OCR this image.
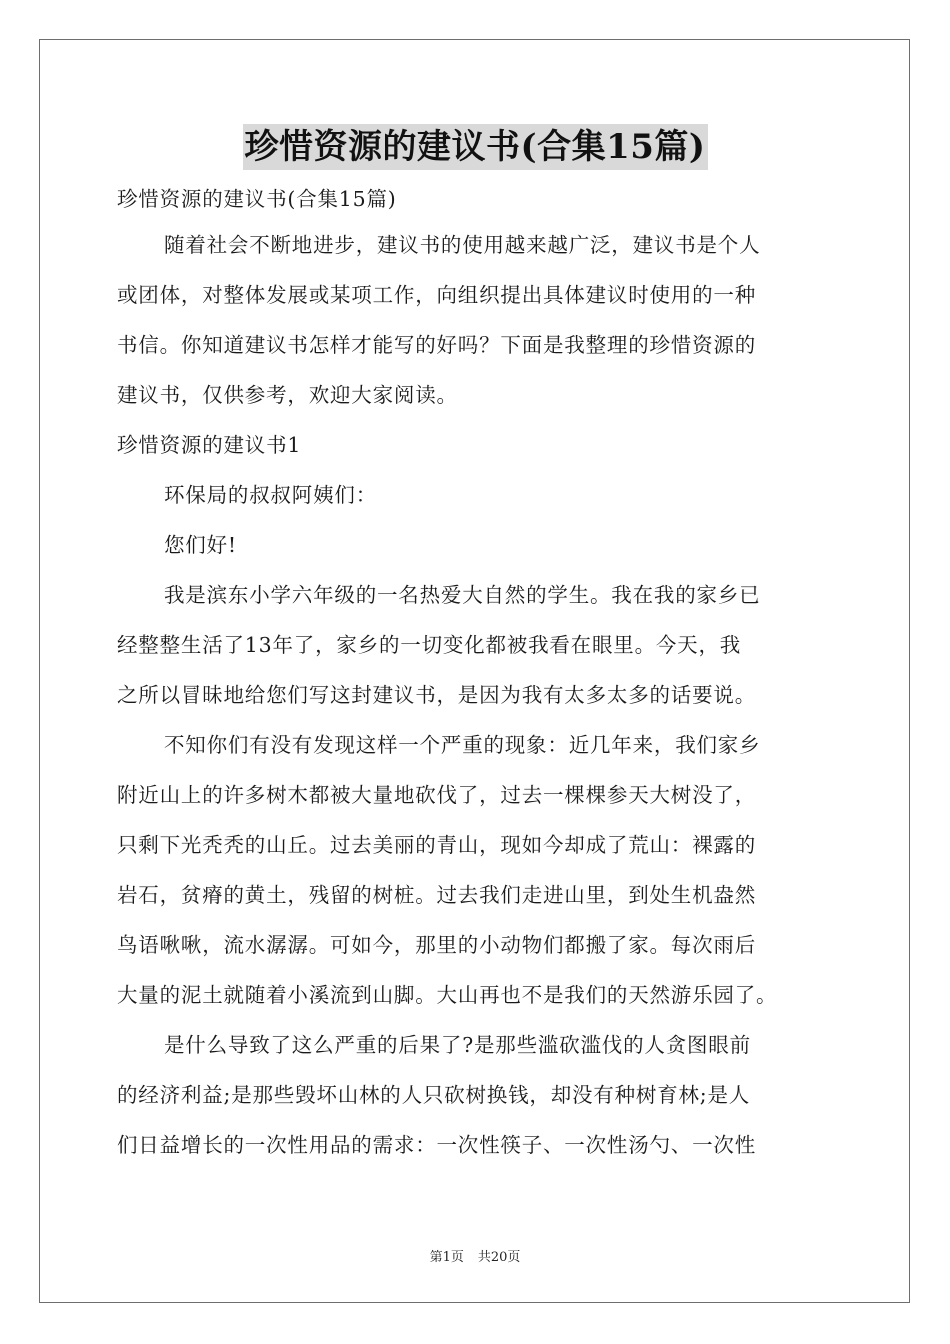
珍惜资源的建议书(合集15篇)
珍惜资源的建议书(合集15篇)
随着社会不断地进步，建议书的使用越来越广泛，建议书是个人
或团体，对整体发展或某项工作，向组织提出具体建议时使用的一种
书信。你知道建议书怎样才能写的好吗？下面是我整理的珍惜资源的
建议书，仅供参考，欢迎大家阅读。
珍惜资源的建议书1
环保局的叔叔阿姨们：
您们好!
我是滨东小学六年级的一名热爱大自然的学生。我在我的家乡已
经整整生活了13年了，家乡的一切变化都被我看在眼里。今天，我
之所以冒昧地给您们写这封建议书，是因为我有太多太多的话要说。
不知你们有没有发现这样一个严重的现象：近几年来，我们家乡
附近山上的许多树木都被大量地砍伐了，过去一棵棵参天大树没了，
只剩下光秃秃的山丘。过去美丽的青山，现如今却成了荒山：裸露的
岩石，贫瘠的黄土，残留的树桩。过去我们走进山里，到处生机盎然
鸟语啾啾，流水潺潺。可如今，那里的小动物们都搬了家。每次雨后
大量的泥土就随着小溪流到山脚。大山再也不是我们的天然游乐园了。
是什么导致了这么严重的后果了?是那些滥砍滥伐的人贪图眼前
的经济利益;是那些毁坏山林的人只砍树换钱，却没有种树育林;是人
们日益增长的一次性用品的需求：一次性筷子、一次性汤勺、一次性
第1页 共20页
